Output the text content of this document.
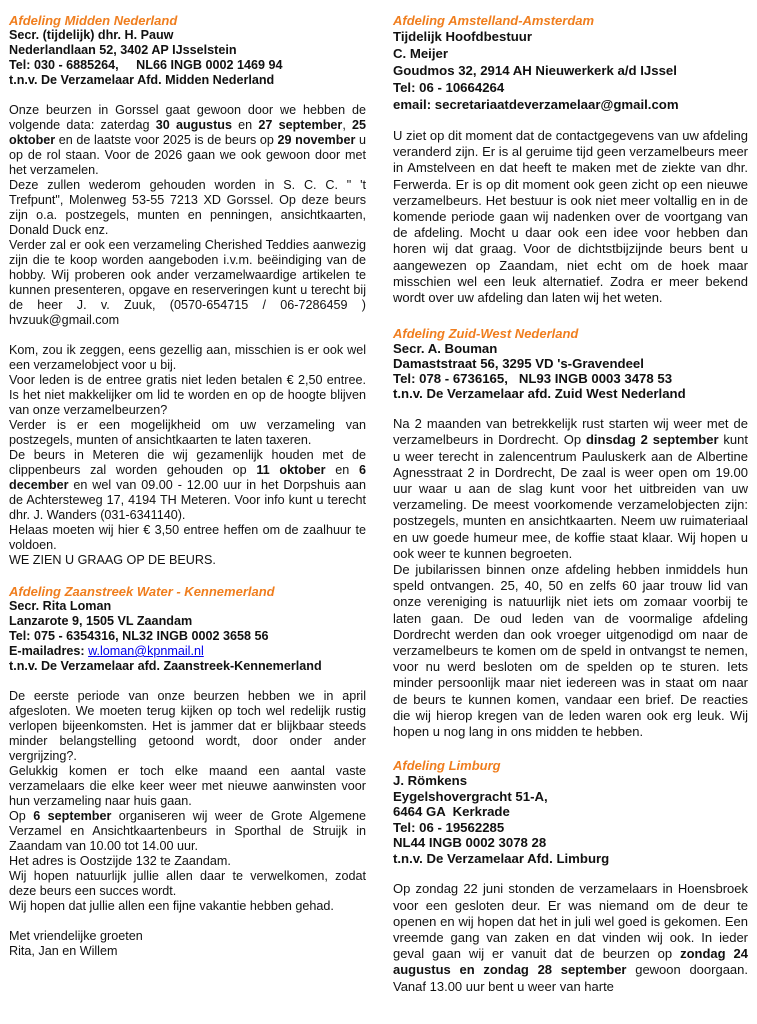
Afdeling Midden Nederland
Secr. (tijdelijk) dhr. H. Pauw
Nederlandlaan 52, 3402 AP IJsselstein
Tel: 030 - 6885264,     NL66 INGB 0002 1469 94
t.n.v. De Verzamelaar Afd. Midden Nederland

Onze beurzen in Gorssel gaat gewoon door we hebben de volgende data: zaterdag 30 augustus en 27 september, 25 oktober en de laatste voor 2025 is de beurs op 29 november u op de rol staan. Voor de 2026 gaan we ook gewoon door met het verzamelen.

Deze zullen wederom gehouden worden in S. C. C. " 't Trefpunt", Molenweg 53-55 7213 XD Gorssel. Op deze beurs zijn o.a. postzegels, munten en penningen, ansichtkaarten, Donald Duck enz.

Verder zal er ook een verzameling Cherished Teddies aanwezig zijn die te koop worden aangeboden i.v.m. beëindiging van de hobby. Wij proberen ook ander verzamelwaardige artikelen te kunnen presenteren, opgave en reserveringen kunt u terecht bij de heer J. v. Zuuk, (0570-654715 / 06-7286459 ) hvzuuk@gmail.com

Kom, zou ik zeggen, eens gezellig aan, misschien is er ook wel een verzamelobject voor u bij.

Voor leden is de entree gratis niet leden betalen € 2,50 entree. Is het niet makkelijker om lid te worden en op de hoogte blijven van onze verzamelbeurzen?

Verder is er een mogelijkheid om uw verzameling van postzegels, munten of ansichtkaarten te laten taxeren.

De beurs in Meteren die wij gezamenlijk houden met de clippenbeurs zal worden gehouden op 11 oktober en 6 december en wel van 09.00 - 12.00 uur in het Dorpshuis aan de Achtersteweg 17, 4194 TH Meteren. Voor info kunt u terecht dhr. J. Wanders (031-6341140).

Helaas moeten wij hier € 3,50 entree heffen om de zaalhuur te voldoen.

WE ZIEN U GRAAG OP DE BEURS.

Afdeling Zaanstreek Water - Kennemerland
Secr. Rita Loman
Lanzarote 9, 1505 VL Zaandam
Tel: 075 - 6354316, NL32 INGB 0002 3658 56
E-mailadres: w.loman@kpnmail.nl
t.n.v. De Verzamelaar afd. Zaanstreek-Kennemerland

De eerste periode van onze beurzen hebben we in april afgesloten. We moeten terug kijken op toch wel redelijk rustig verlopen bijeenkomsten. Het is jammer dat er blijkbaar steeds minder belangstelling getoond wordt, door onder ander vergrijzing?.

Gelukkig komen er toch elke maand een aantal vaste verzamelaars die elke keer weer met nieuwe aanwinsten voor hun verzameling naar huis gaan.

Op 6 september organiseren wij weer de Grote Algemene Verzamel en Ansichtkaartenbeurs in Sporthal de Struijk in Zaandam van 10.00 tot 14.00 uur.

Het adres is Oostzijde 132 te Zaandam.

Wij hopen natuurlijk jullie allen daar te verwelkomen, zodat deze beurs een succes wordt.

Wij hopen dat jullie allen een fijne vakantie hebben gehad.

Met vriendelijke groeten

Rita, Jan en Willem

Afdeling Amstelland-Amsterdam
Tijdelijk Hoofdbestuur
C. Meijer
Goudmos 32, 2914 AH Nieuwerkerk a/d IJssel
Tel: 06 - 10664264
email: secretariaatdeverzamelaar@gmail.com

U ziet op dit moment dat de contactgegevens van uw afdeling veranderd zijn. Er is al geruime tijd geen verzamelbeurs meer in Amstelveen en dat heeft te maken met de ziekte van dhr. Ferwerda. Er is op dit moment ook geen zicht op een nieuwe verzamelbeurs. Het bestuur is ook niet meer voltallig en in de komende periode gaan wij nadenken over de voortgang van de afdeling. Mocht u daar ook een idee voor hebben dan horen wij dat graag. Voor de dichtstbijzijnde beurs bent u aangewezen op Zaandam, niet echt om de hoek maar misschien wel een leuk alternatief. Zodra er meer bekend wordt over uw afdeling dan laten wij het weten.

Afdeling Zuid-West Nederland
Secr. A. Bouman
Damaststraat 56, 3295 VD 's-Gravendeel
Tel: 078 - 6736165,   NL93 INGB 0003 3478 53
t.n.v. De Verzamelaar afd. Zuid West Nederland

Na 2 maanden van betrekkelijk rust starten wij weer met de verzamelbeurs in Dordrecht. Op dinsdag 2 september kunt u weer terecht in zalencentrum Pauluskerk aan de Albertine Agnesstraat 2 in Dordrecht, De zaal is weer open om 19.00 uur waar u aan de slag kunt voor het uitbreiden van uw verzameling. De meest voorkomende verzamelobjecten zijn: postzegels, munten en ansichtkaarten. Neem uw ruimateriaal en uw goede humeur mee, de koffie staat klaar. Wij hopen u ook weer te kunnen begroeten.

De jubilarissen binnen onze afdeling hebben inmiddels hun speld ontvangen. 25, 40, 50 en zelfs 60 jaar trouw lid van onze vereniging is natuurlijk niet iets om zomaar voorbij te laten gaan. De oud leden van de voormalige afdeling Dordrecht werden dan ook vroeger uitgenodigd om naar de verzamelbeurs te komen om de speld in ontvangst te nemen, voor nu werd besloten om de spelden op te sturen. Iets minder persoonlijk maar niet iedereen was in staat om naar de beurs te kunnen komen, vandaar een brief. De reacties die wij hierop kregen van de leden waren ook erg leuk. Wij hopen u nog lang in ons midden te hebben.

Afdeling Limburg
J. Römkens
Eygelshovergracht 51-A,
6464 GA  Kerkrade
Tel: 06 - 19562285
NL44 INGB 0002 3078 28
t.n.v. De Verzamelaar Afd. Limburg

Op zondag 22 juni stonden de verzamelaars in Hoensbroek voor een gesloten deur. Er was niemand om de deur te openen en wij hopen dat het in juli wel goed is gekomen. Een vreemde gang van zaken en dat vinden wij ook. In ieder geval gaan wij er vanuit dat de beurzen op zondag 24 augustus en zondag 28 september gewoon doorgaan. Vanaf 13.00 uur bent u weer van harte
